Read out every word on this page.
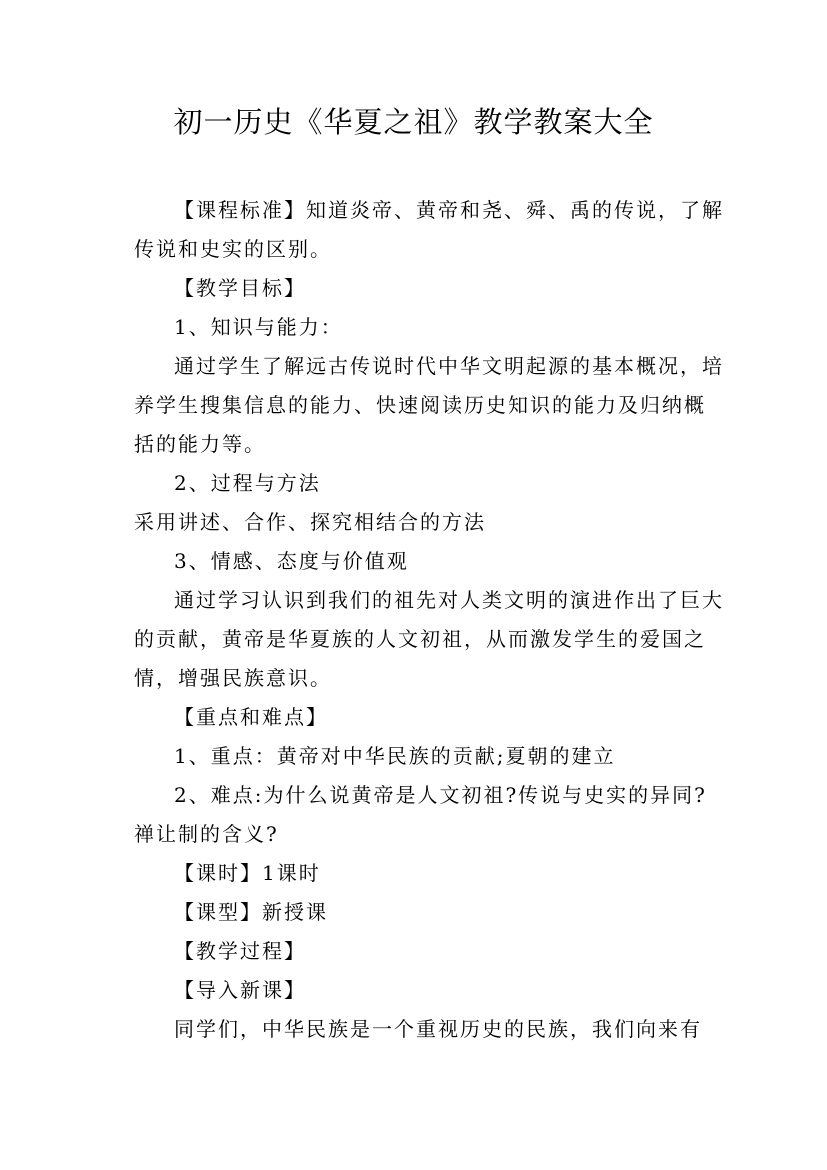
初一历史《华夏之祖》教学教案大全

【课程标准】知道炎帝、黄帝和尧、舜、禹的传说，了解传说和史实的区别。

【教学目标】

1、知识与能力：

通过学生了解远古传说时代中华文明起源的基本概况，培养学生搜集信息的能力、快速阅读历史知识的能力及归纳概括的能力等。

2、过程与方法

采用讲述、合作、探究相结合的方法

3、情感、态度与价值观

通过学习认识到我们的祖先对人类文明的演进作出了巨大的贡献，黄帝是华夏族的人文初祖，从而激发学生的爱国之情，增强民族意识。

【重点和难点】

1、重点：黄帝对中华民族的贡献;夏朝的建立

2、难点:为什么说黄帝是人文初祖?传说与史实的异同?禅让制的含义?

【课时】1课时

【课型】新授课

【教学过程】

【导入新课】

同学们，中华民族是一个重视历史的民族，我们向来有
